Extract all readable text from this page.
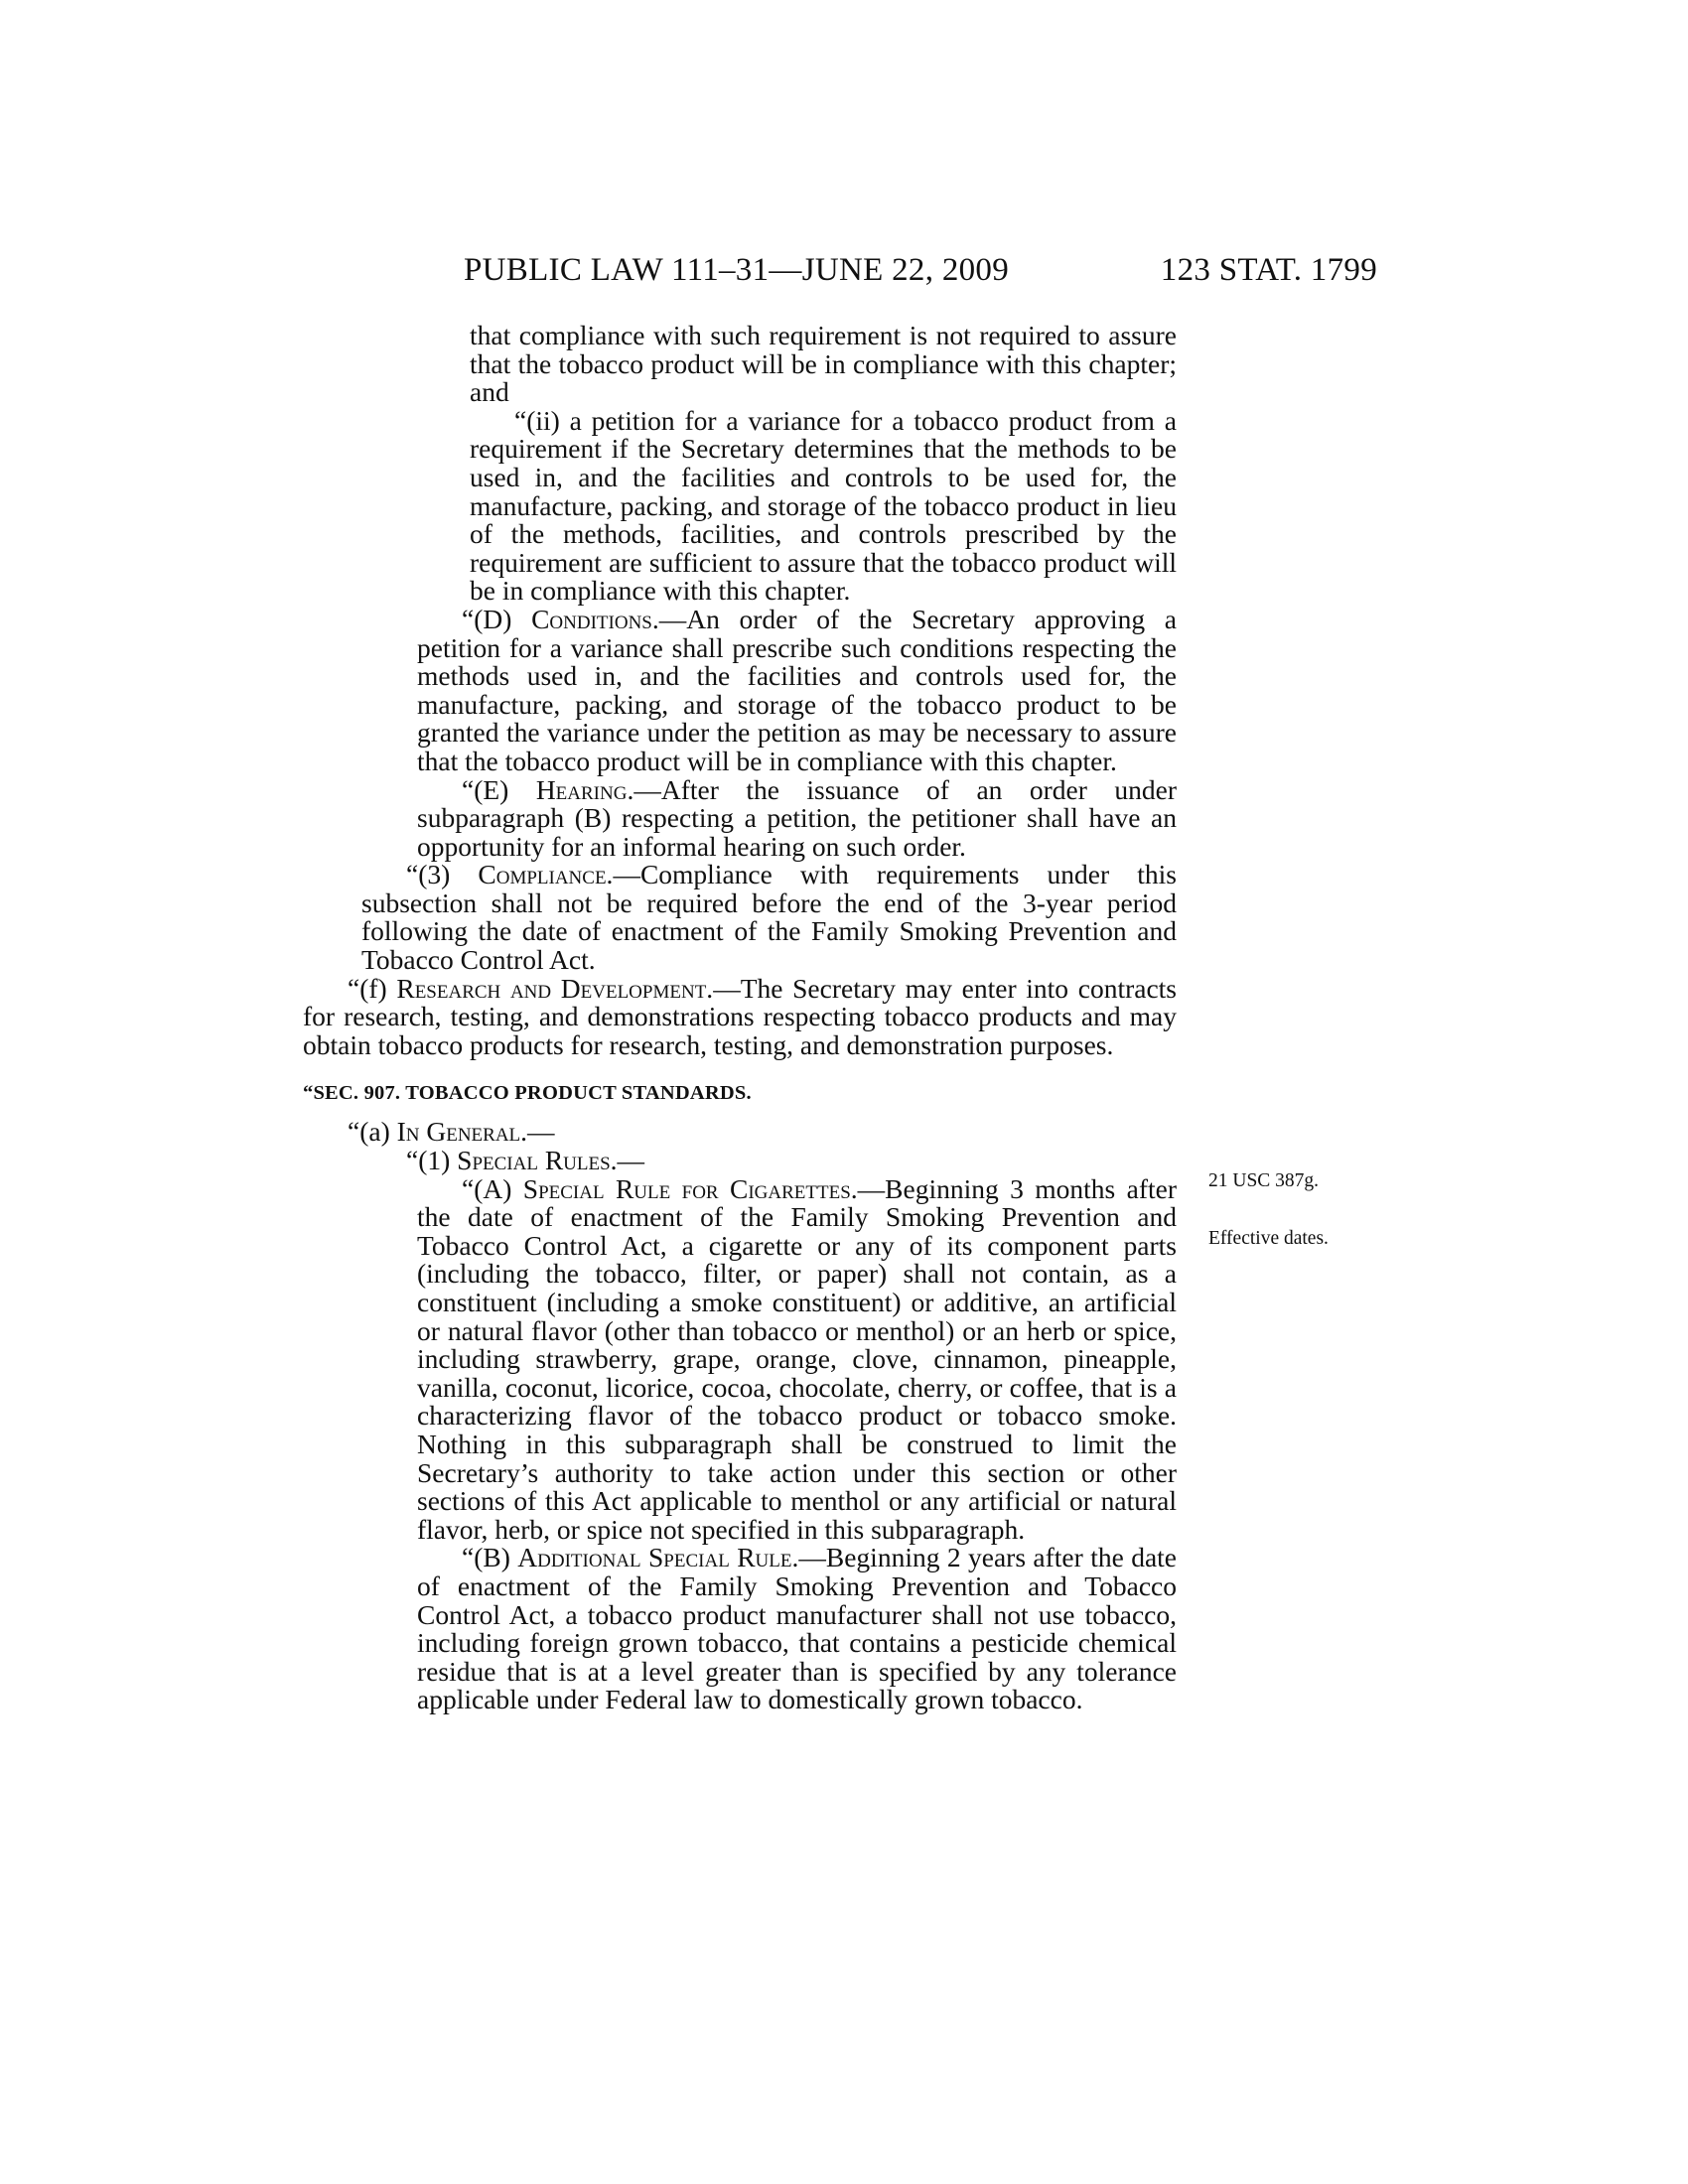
PUBLIC LAW 111–31—JUNE 22, 2009	123 STAT. 1799

that compliance with such requirement is not required to assure that the tobacco product will be in compliance with this chapter; and

“(ii) a petition for a variance for a tobacco product from a requirement if the Secretary determines that the methods to be used in, and the facilities and controls to be used for, the manufacture, packing, and storage of the tobacco product in lieu of the methods, facilities, and controls prescribed by the requirement are sufficient to assure that the tobacco product will be in compliance with this chapter.

“(D) Conditions.—An order of the Secretary approving a petition for a variance shall prescribe such conditions respecting the methods used in, and the facilities and controls used for, the manufacture, packing, and storage of the tobacco product to be granted the variance under the petition as may be necessary to assure that the tobacco product will be in compliance with this chapter.

“(E) Hearing.—After the issuance of an order under subparagraph (B) respecting a petition, the petitioner shall have an opportunity for an informal hearing on such order.

“(3) Compliance.—Compliance with requirements under this subsection shall not be required before the end of the 3-year period following the date of enactment of the Family Smoking Prevention and Tobacco Control Act.

“(f) Research and Development.—The Secretary may enter into contracts for research, testing, and demonstrations respecting tobacco products and may obtain tobacco products for research, testing, and demonstration purposes.

“SEC. 907. TOBACCO PRODUCT STANDARDS.

“(a) In General.—

“(1) Special Rules.—

“(A) Special Rule for Cigarettes.—Beginning 3 months after the date of enactment of the Family Smoking Prevention and Tobacco Control Act, a cigarette or any of its component parts (including the tobacco, filter, or paper) shall not contain, as a constituent (including a smoke constituent) or additive, an artificial or natural flavor (other than tobacco or menthol) or an herb or spice, including strawberry, grape, orange, clove, cinnamon, pineapple, vanilla, coconut, licorice, cocoa, chocolate, cherry, or coffee, that is a characterizing flavor of the tobacco product or tobacco smoke. Nothing in this subparagraph shall be construed to limit the Secretary’s authority to take action under this section or other sections of this Act applicable to menthol or any artificial or natural flavor, herb, or spice not specified in this subparagraph.

“(B) Additional Special Rule.—Beginning 2 years after the date of enactment of the Family Smoking Prevention and Tobacco Control Act, a tobacco product manufacturer shall not use tobacco, including foreign grown tobacco, that contains a pesticide chemical residue that is at a level greater than is specified by any tolerance applicable under Federal law to domestically grown tobacco.

21 USC 387g.
Effective dates.
